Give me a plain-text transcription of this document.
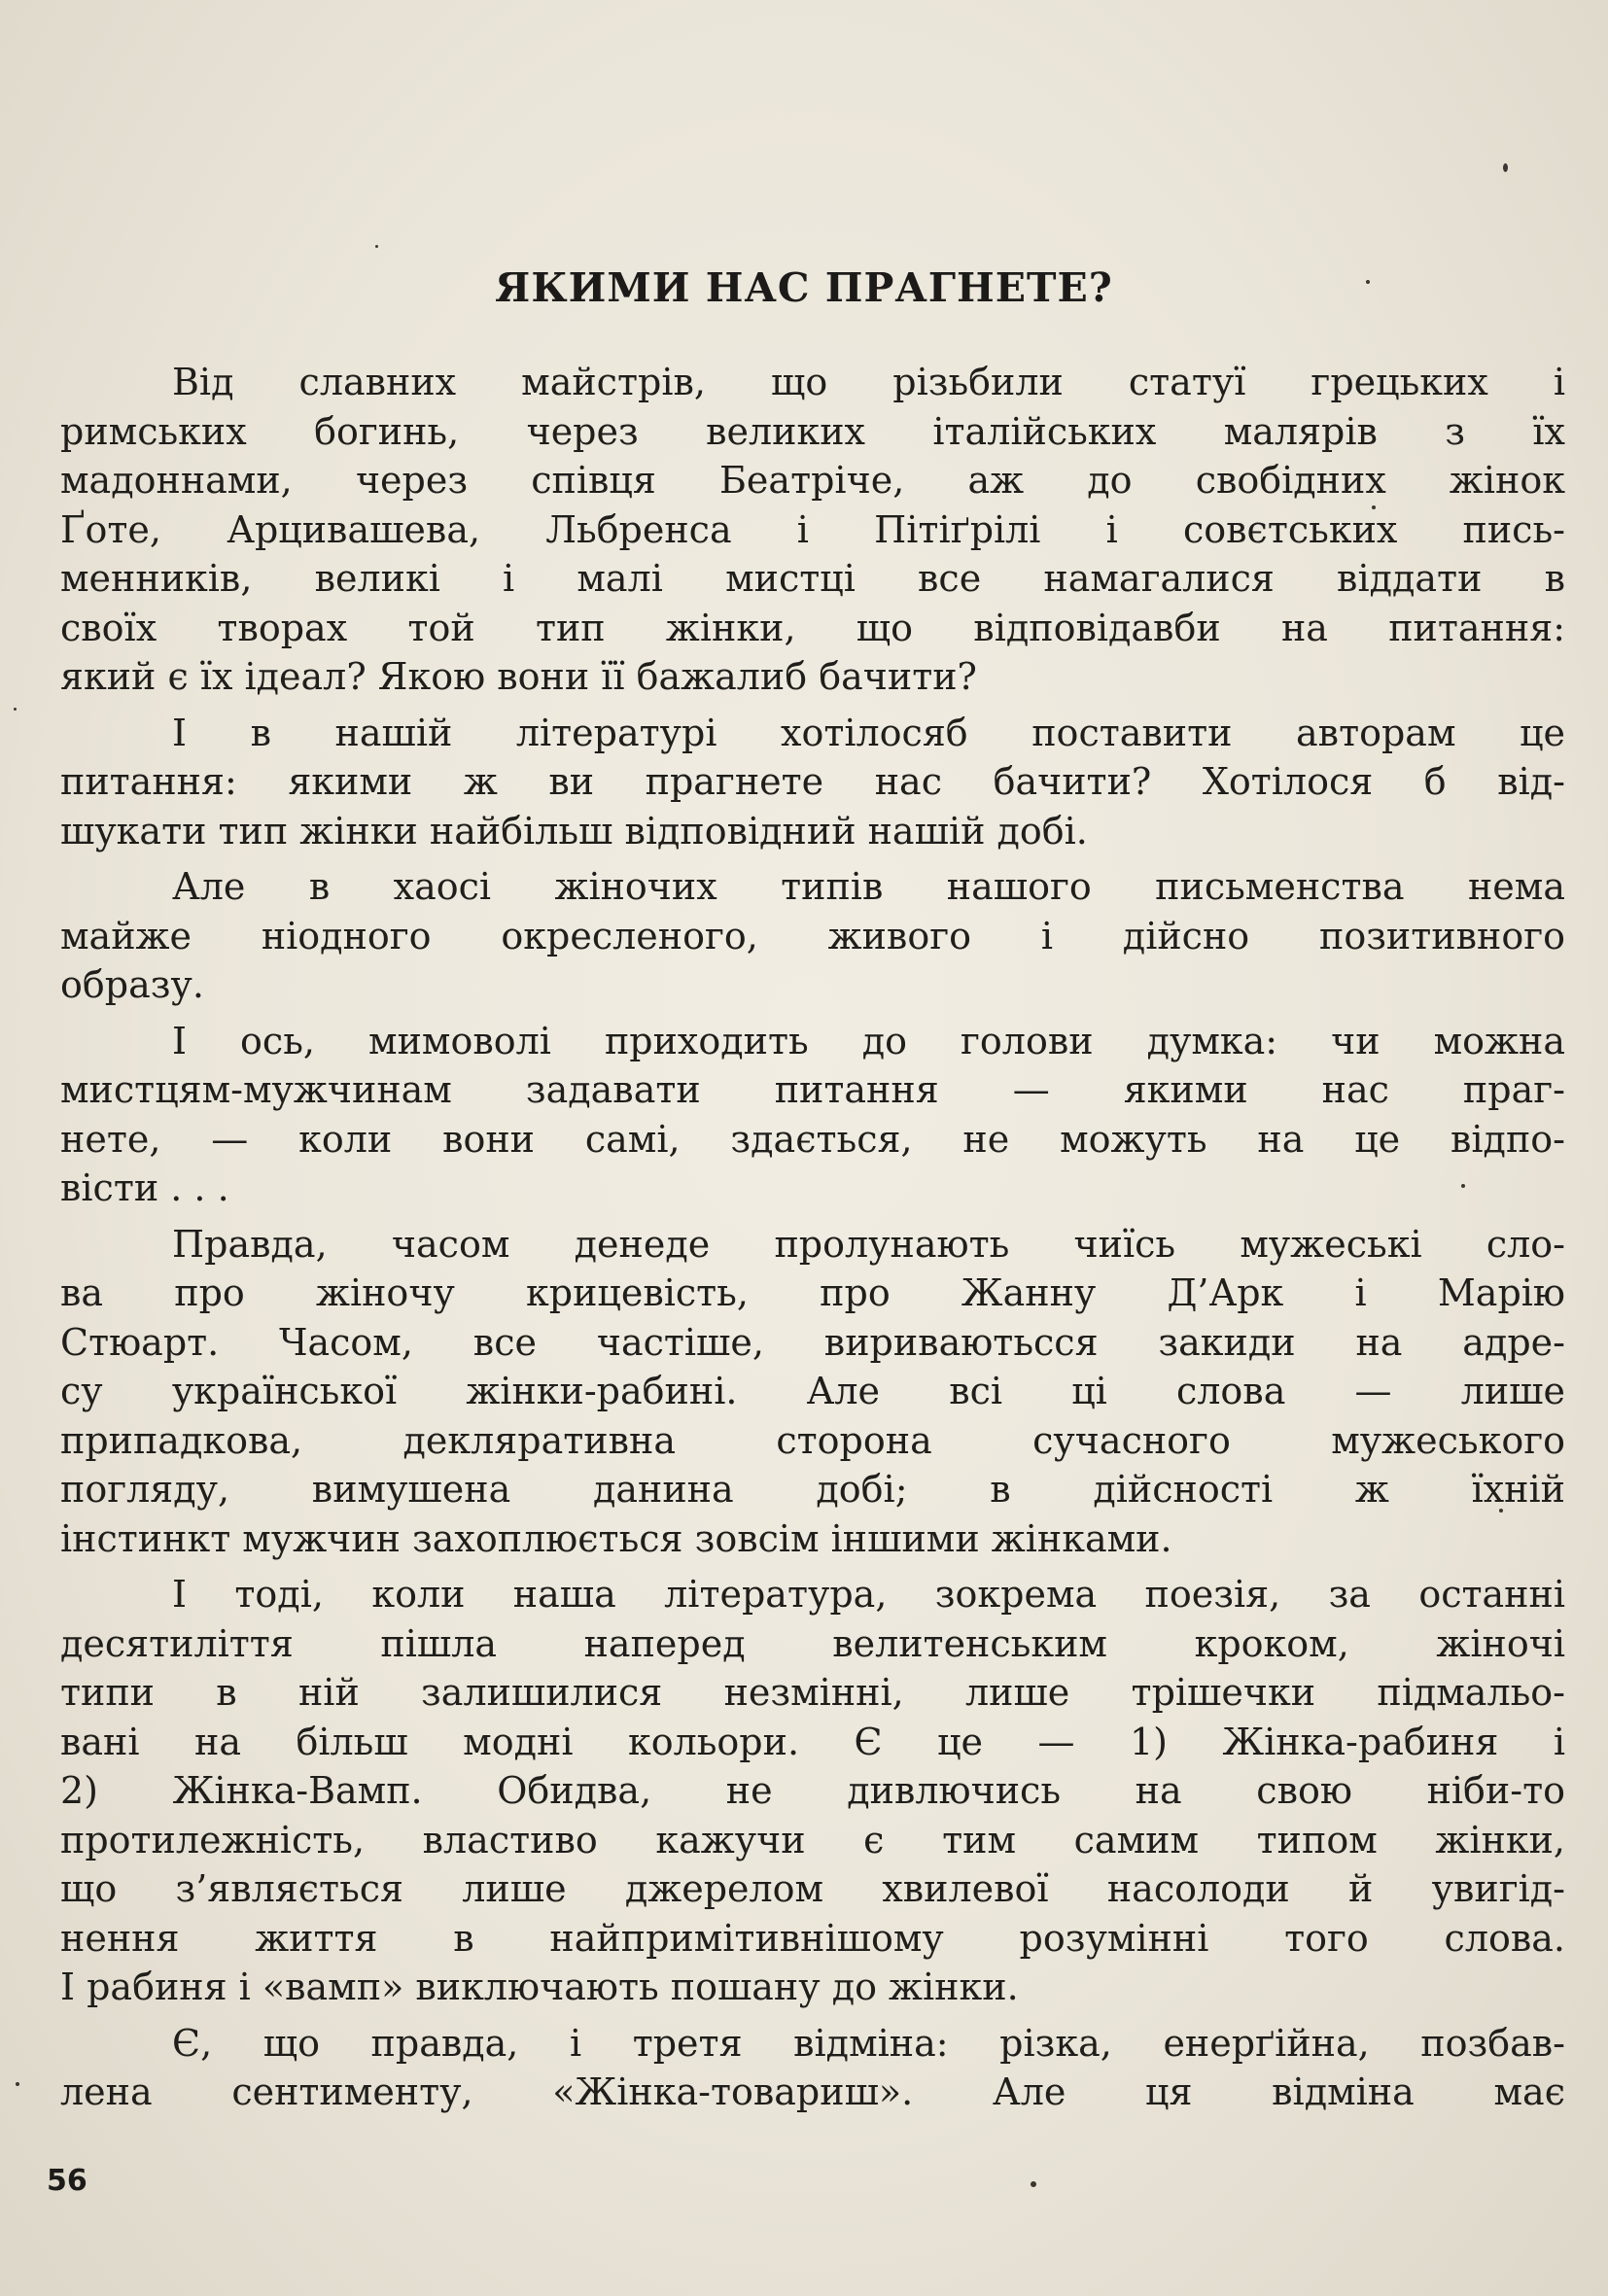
ЯКИМИ НАС ПРАГНЕТЕ?

Від славних майстрів, що різьбили статуї грецьких і
римських богинь, через великих італійських малярів з їх
мадоннами, через співця Беатріче, аж до свобідних жінок
Ґоте, Арцивашева, Льбренса і Пітіґрілі і совєтських пись-
менників, великі і малі мистці все намагалися віддати в
своїх творах той тип жінки, що відповідавби на питання:
який є їх ідеал? Якою вони її бажалиб бачити?

І в нашій літературі хотілосяб поставити авторам це
питання: якими ж ви прагнете нас бачити? Хотілося б від-
шукати тип жінки найбільш відповідний нашій добі.

Але в хаосі жіночих типів нашого письменства нема
майже ніодного окресленого, живого і дійсно позитивного
образу.

І ось, мимоволі приходить до голови думка: чи можна
мистцям-мужчинам задавати питання — якими нас праг-
нете, — коли вони самі, здається, не можуть на це відпо-
вісти . . .

Правда, часом денеде пролунають чиїсь мужеські сло-
ва про жіночу крицевість, про Жанну Д’Арк і Марію
Стюарт. Часом, все частіше, вириваютьсся закиди на адре-
су української жінки-рабині. Але всі ці слова — лише
припадкова, декляративна сторона сучасного мужеського
погляду, вимушена данина добі; в дійсності ж їхній
інстинкт мужчин захоплюється зовсім іншими жінками.

І тоді, коли наша література, зокрема поезія, за останні
десятиліття пішла наперед велитенським кроком, жіночі
типи в ній залишилися незмінні, лише трішечки підмальо-
вані на більш модні кольори. Є це — 1) Жінка-рабиня і
2) Жінка-Вамп. Обидва, не дивлючись на свою ніби-то
протилежність, властиво кажучи є тим самим типом жінки,
що з’являється лише джерелом хвилевої насолоди й увигід-
нення життя в найпримітивнішому розумінні того слова.
І рабиня і «вамп» виключають пошану до жінки.

Є, що правда, і третя відміна: різка, енерґійна, позбав-
лена сентименту, «Жінка-товариш». Але ця відміна має

56
